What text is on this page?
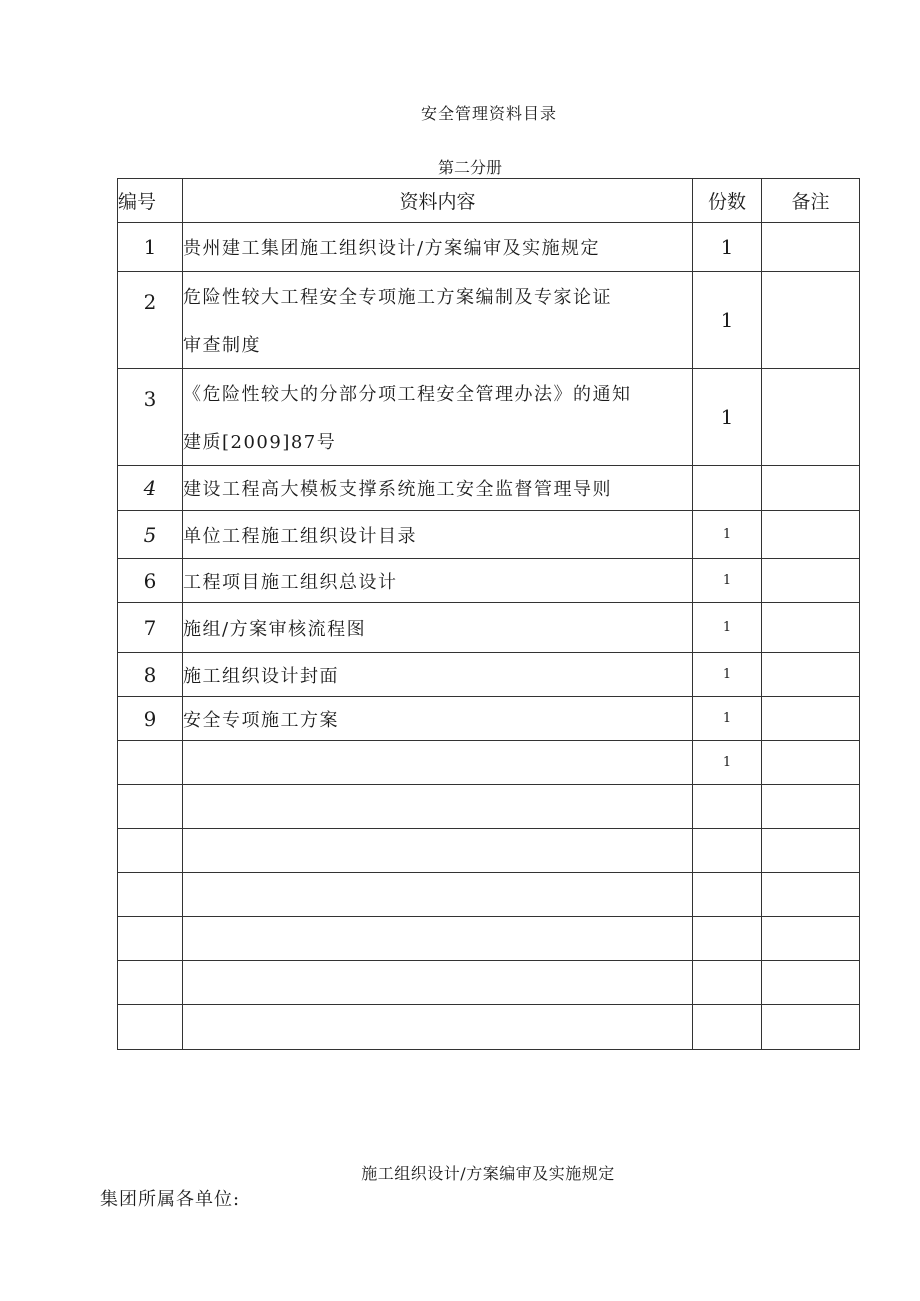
安全管理资料目录
第二分册
编号	资料内容	份数	备注
1	贵州建工集团施工组织设计/方案编审及实施规定	1	
2	危险性较大工程安全专项施工方案编制及专家论证
审查制度	1	
3	《危险性较大的分部分项工程安全管理办法》的通知
建质[2009]87号	1	
4	建设工程高大模板支撑系统施工安全监督管理导则		
5	单位工程施工组织设计目录	1	
6	工程项目施工组织总设计	1	
7	施组/方案审核流程图	1	
8	施工组织设计封面	1	
9	安全专项施工方案	1	
		1	

施工组织设计/方案编审及实施规定
集团所属各单位:
